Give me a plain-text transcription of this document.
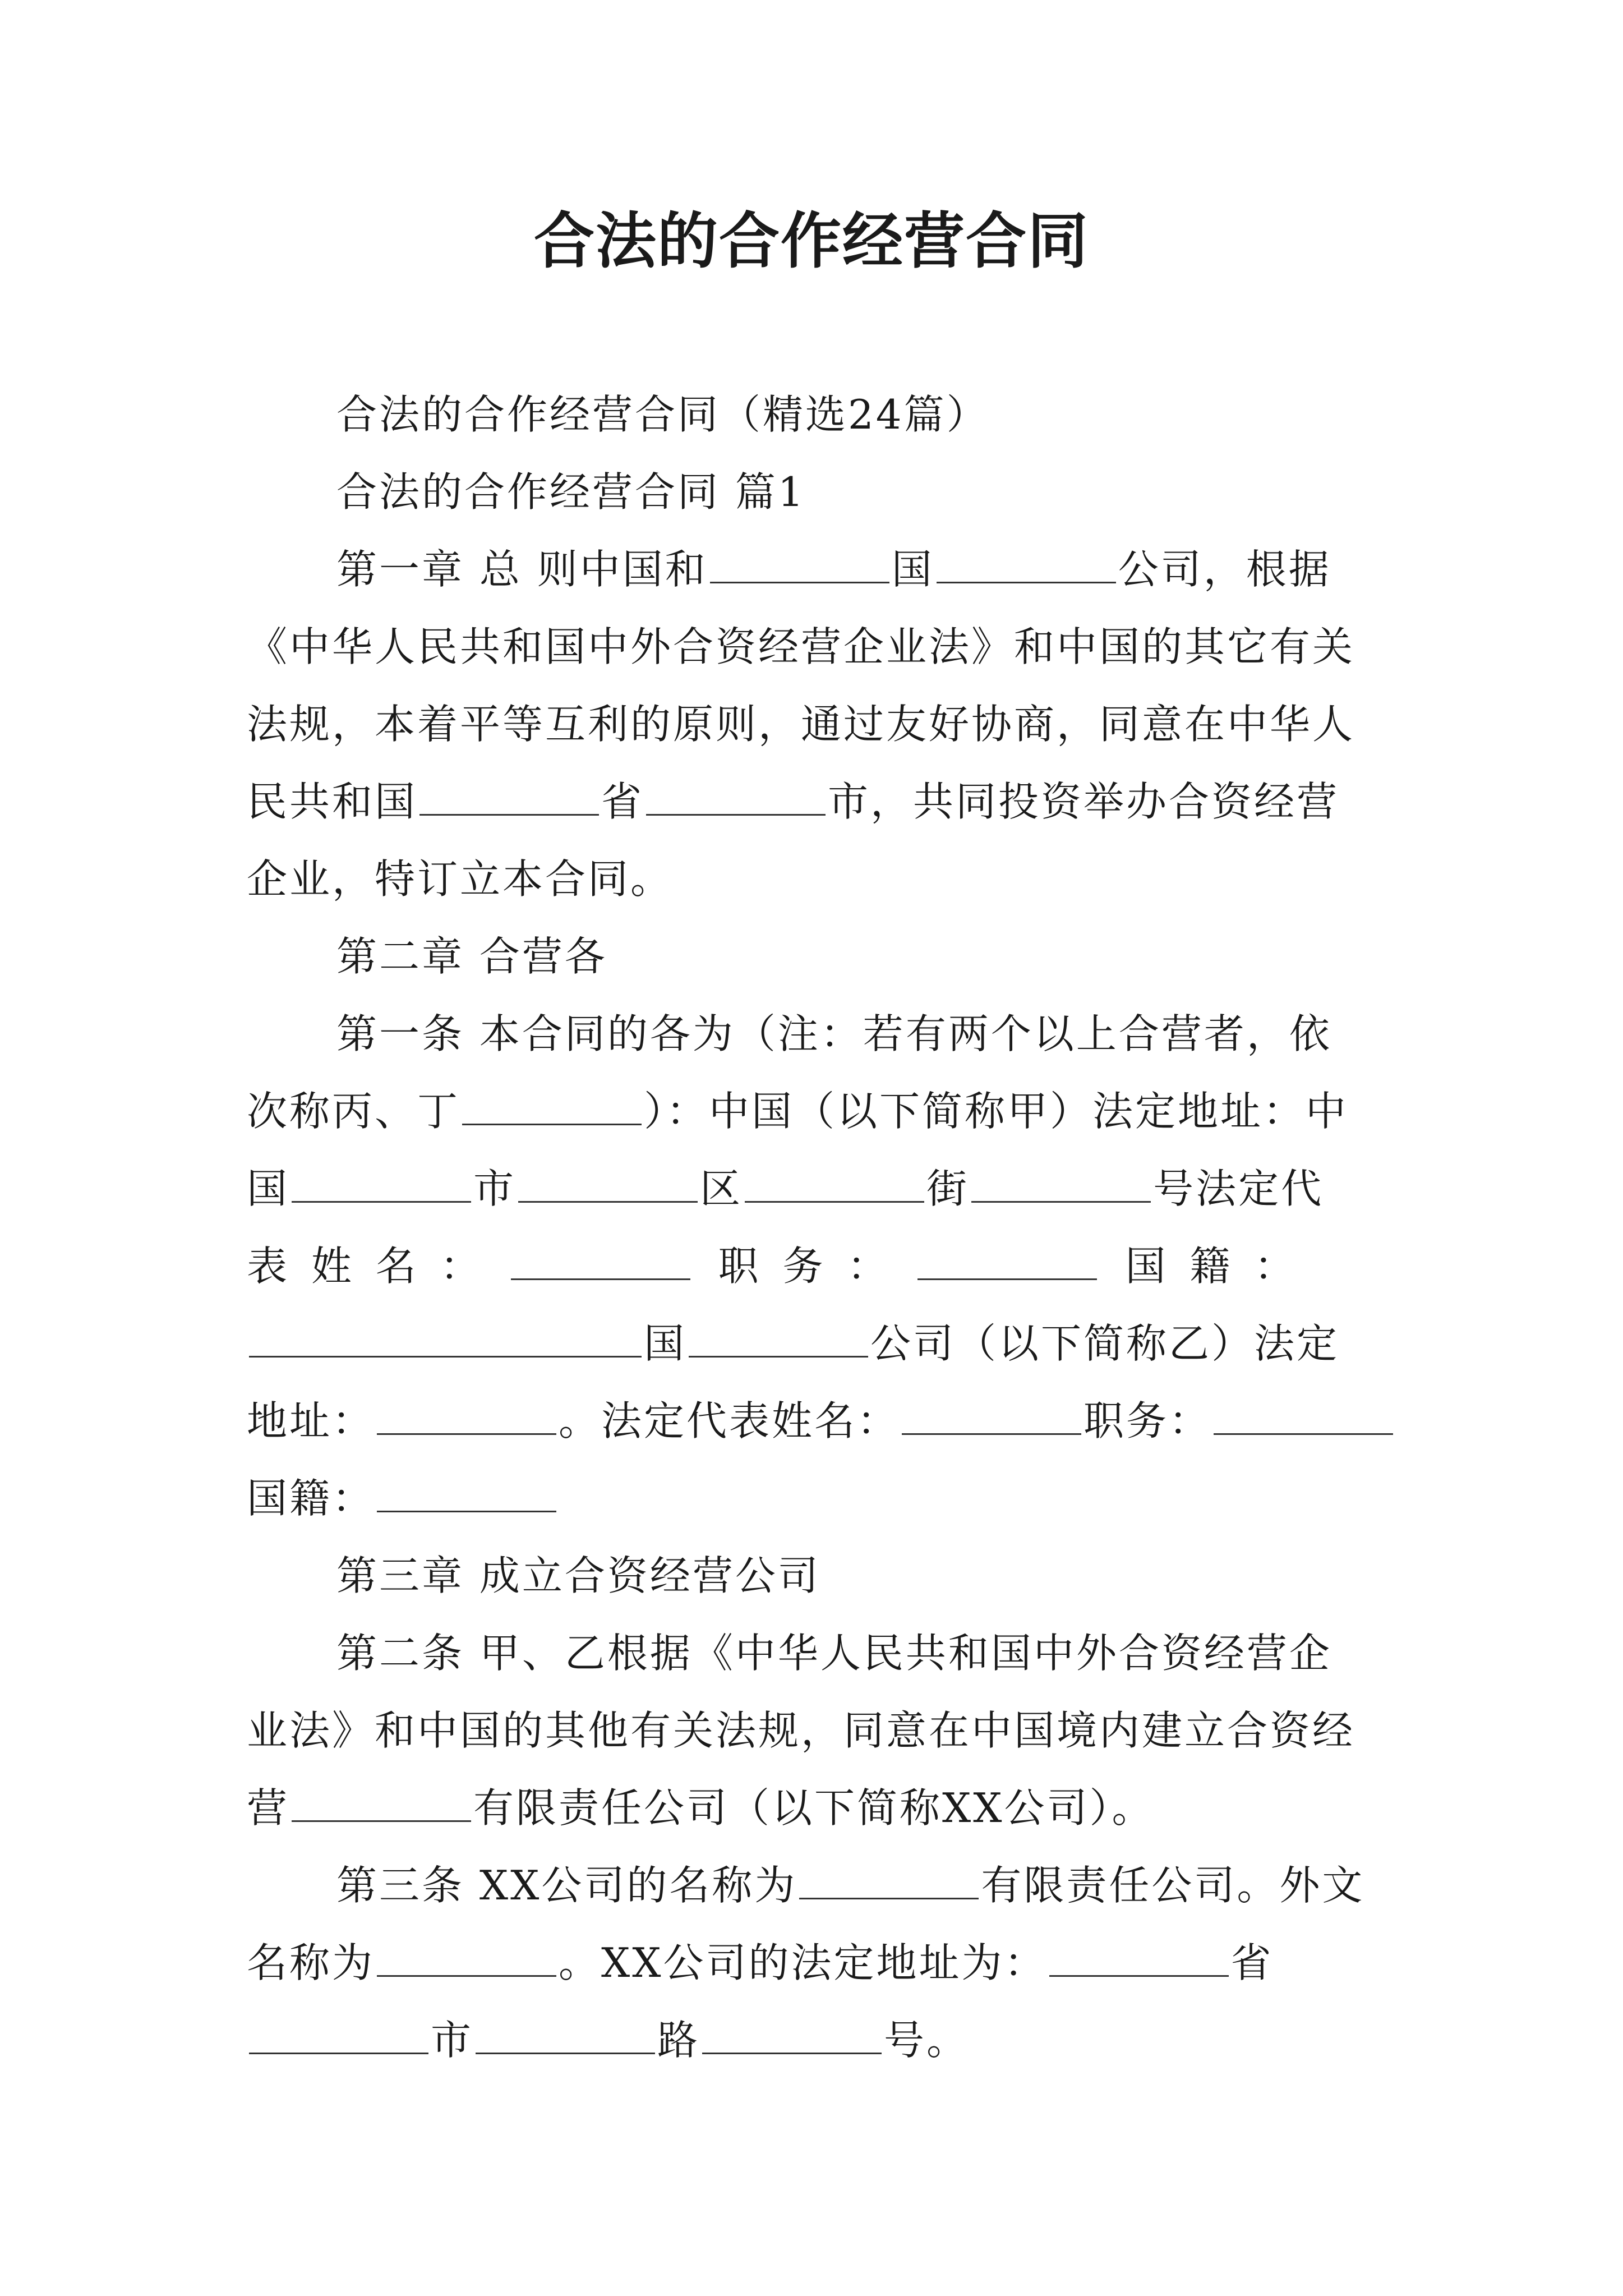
合法的合作经营合同
合法的合作经营合同（精选24篇）
合法的合作经营合同 篇1
第一章 总 则中国和	国	公司，根据
《中华人民共和国中外合资经营企业法》和中国的其它有关
法规，本着平等互利的原则，通过友好协商，同意在中华人
民共和国	省	市，共同投资举办合资经营
企业，特订立本合同。
第二章 合营各
第一条 本合同的各为（注：若有两个以上合营者，依
次称丙、丁	）：中国（以下简称甲）法定地址：中
国	市	区	街	号法定代
表 姓 名 ：	职 务 ：	国 籍 ：
国	公司（以下简称乙）法定
地址：	。法定代表姓名：	职务：
国籍：
第三章 成立合资经营公司
第二条 甲、乙根据《中华人民共和国中外合资经营企
业法》和中国的其他有关法规，同意在中国境内建立合资经
营	有限责任公司（以下简称XX公司）。
第三条 XX公司的名称为	有限责任公司。外文
名称为	。XX公司的法定地址为：	省
市	路	号。
